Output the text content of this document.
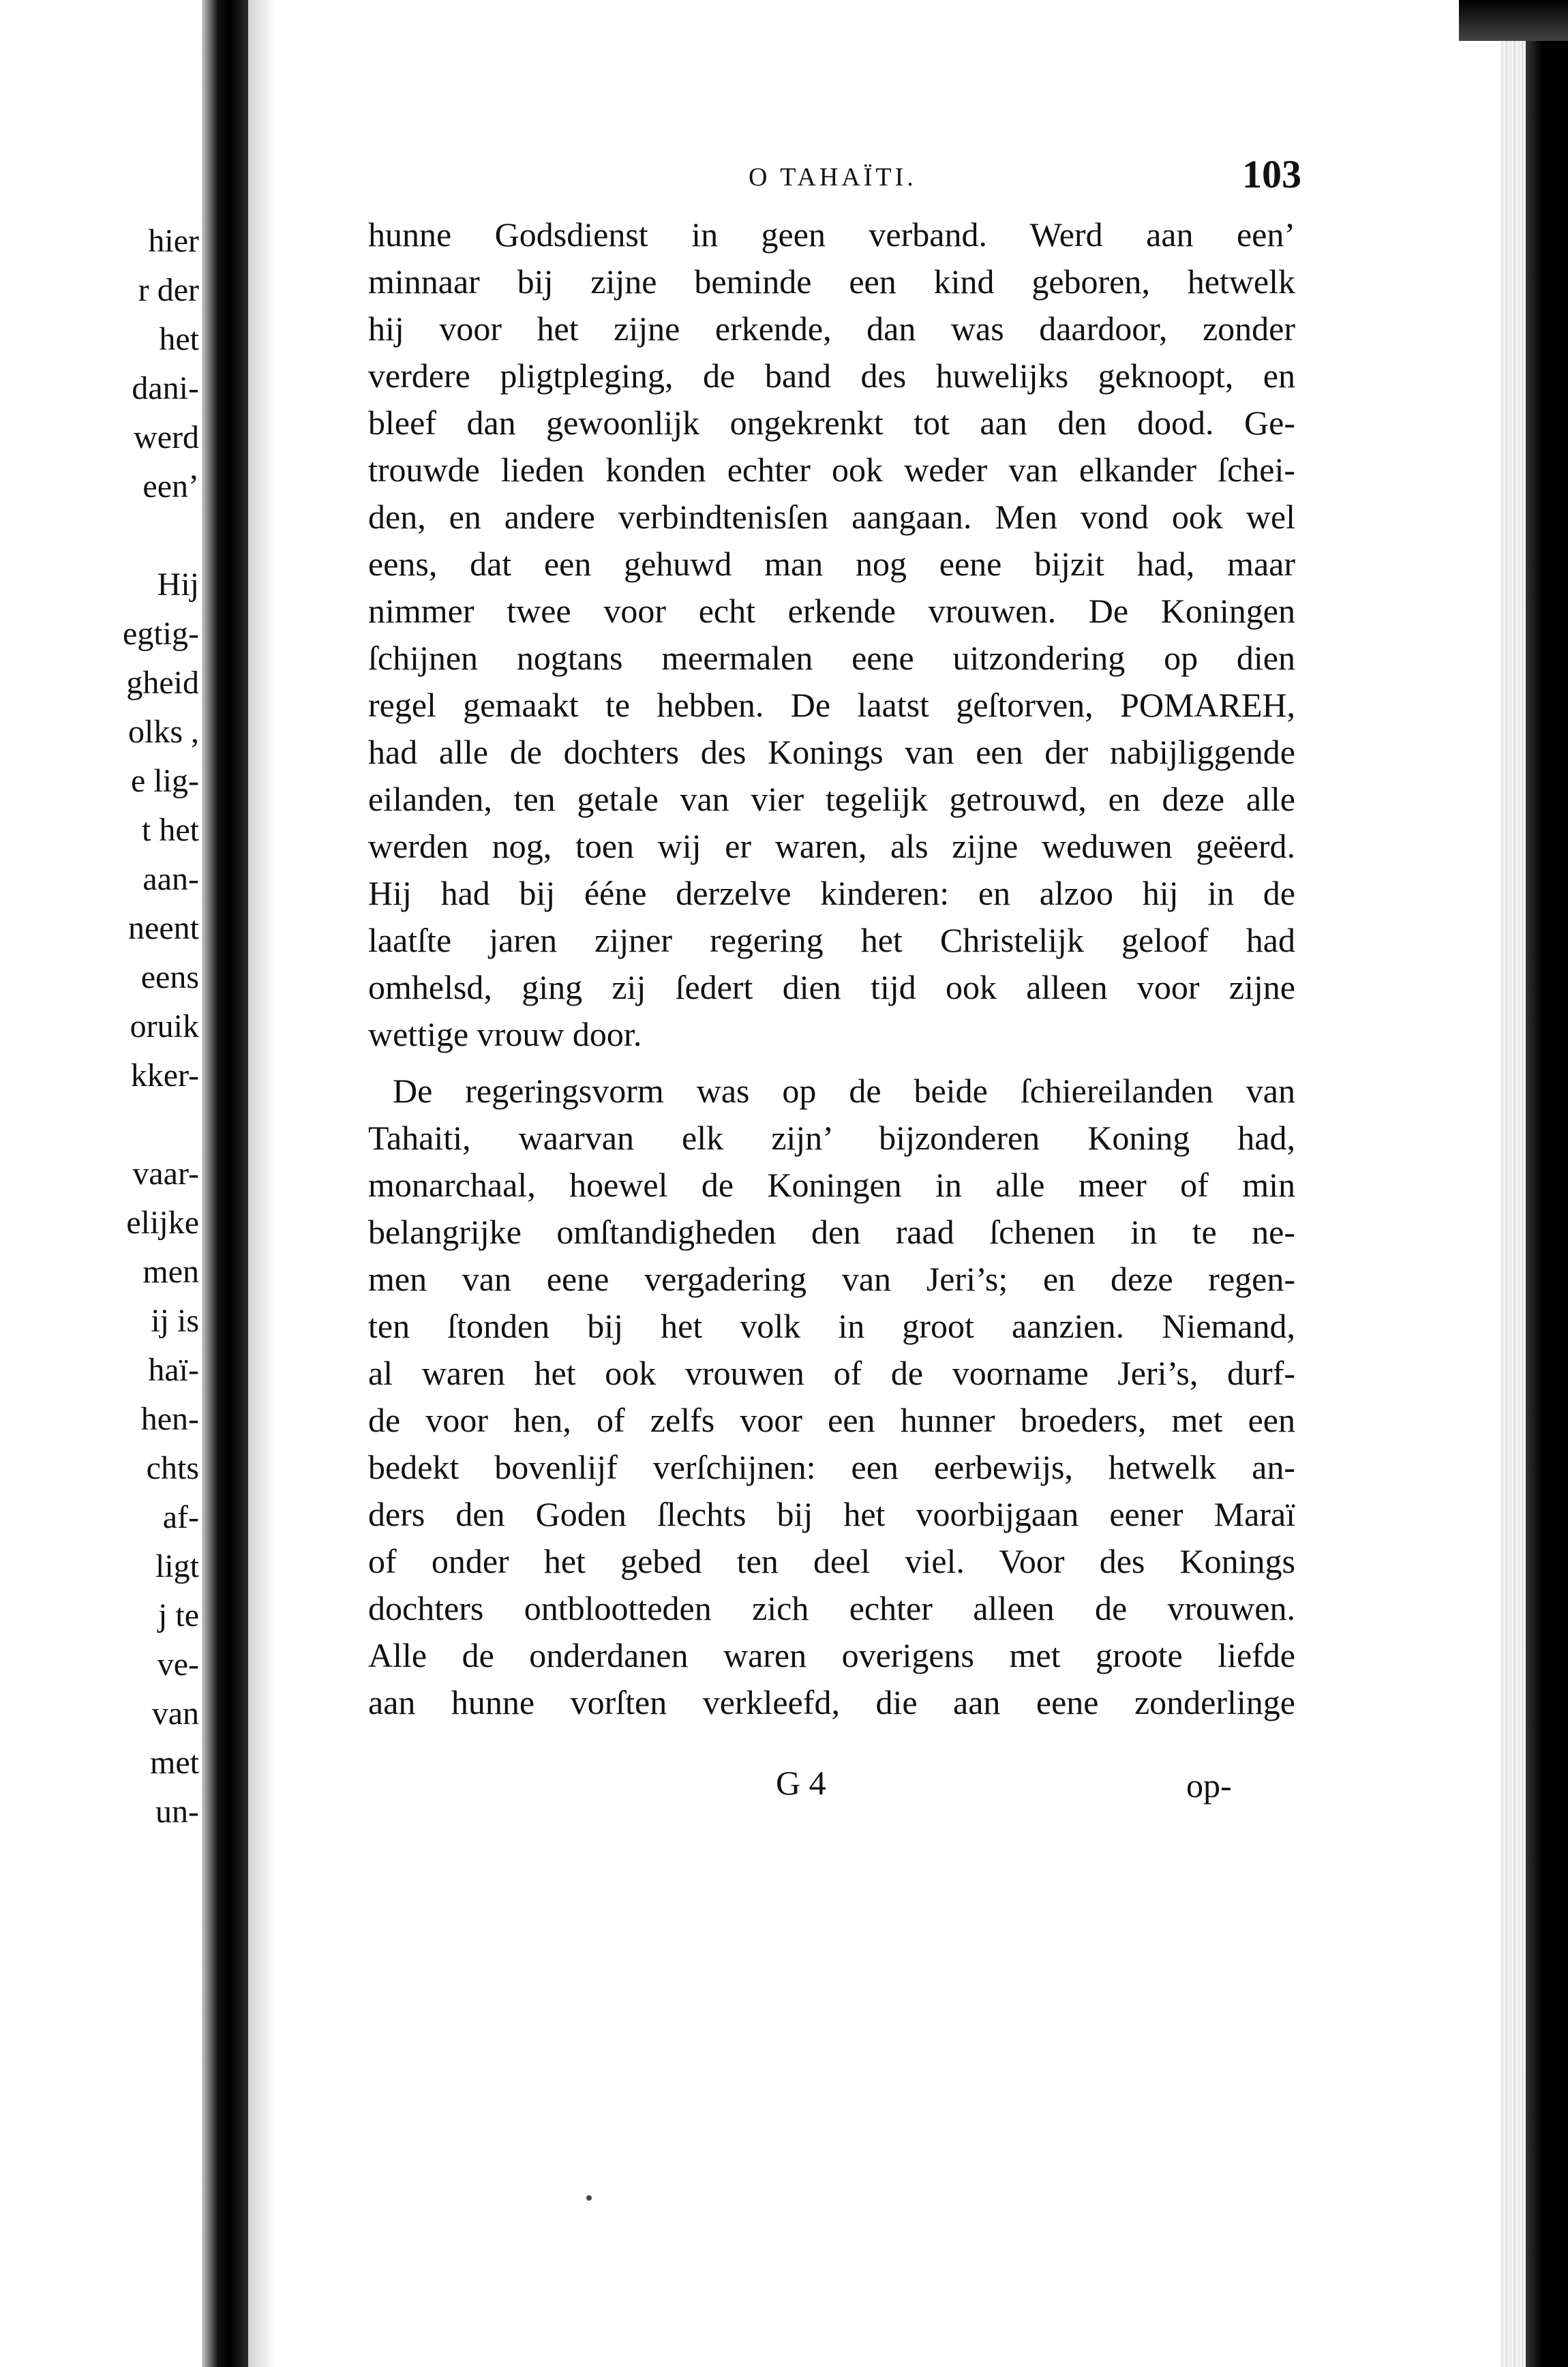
hier
r der
het
dani-
werd
een’
Hij
egtig-
gheid
olks ,
e lig-
t het
aan-
neent
eens
oruik
kker-
vaar-
elijke
men
ij is
haï-
hen-
chts
af-
ligt
j te
ve-
van
met
un-
O TAHAÏTI.	103
hunne Godsdienst in geen verband. Werd aan een’
minnaar bij zijne beminde een kind geboren, hetwelk
hij voor het zijne erkende, dan was daardoor, zonder
verdere pligtpleging, de band des huwelijks geknoopt, en
bleef dan gewoonlijk ongekrenkt tot aan den dood. Ge-
trouwde lieden konden echter ook weder van elkander ſchei-
den, en andere verbindtenisſen aangaan. Men vond ook wel
eens, dat een gehuwd man nog eene bijzit had, maar
nimmer twee voor echt erkende vrouwen. De Koningen
ſchijnen nogtans meermalen eene uitzondering op dien
regel gemaakt te hebben. De laatst geſtorven, POMAREH,
had alle de dochters des Konings van een der nabijliggende
eilanden, ten getale van vier tegelijk getrouwd, en deze alle
werden nog, toen wij er waren, als zijne weduwen geëerd.
Hij had bij éénе derzelve kinderen: en alzoo hij in de
laatſte jaren zijner regering het Christelijk geloof had
omhelsd, ging zij ſedert dien tijd ook alleen voor zijne
wettige vrouw door.
De regeringsvorm was op de beide ſchiereilanden van
Tahaiti, waarvan elk zijn’ bijzonderen Koning had,
monarchaal, hoewel de Koningen in alle meer of min
belangrijke omſtandigheden den raad ſchenen in te ne-
men van eene vergadering van Jeri’s; en deze regen-
ten ſtonden bij het volk in groot aanzien. Niemand,
al waren het ook vrouwen of de voorname Jeri’s, durf-
de voor hen, of zelfs voor een hunner broeders, met een
bedekt bovenlijf verſchijnen: een eerbewijs, hetwelk an-
ders den Goden ſlechts bij het voorbijgaan eener Maraï
of onder het gebed ten deel viel. Voor des Konings
dochters ontblootteden zich echter alleen de vrouwen.
Alle de onderdanen waren overigens met groote liefde
aan hunne vorſten verkleefd, die aan eene zonderlinge
G 4	op-
